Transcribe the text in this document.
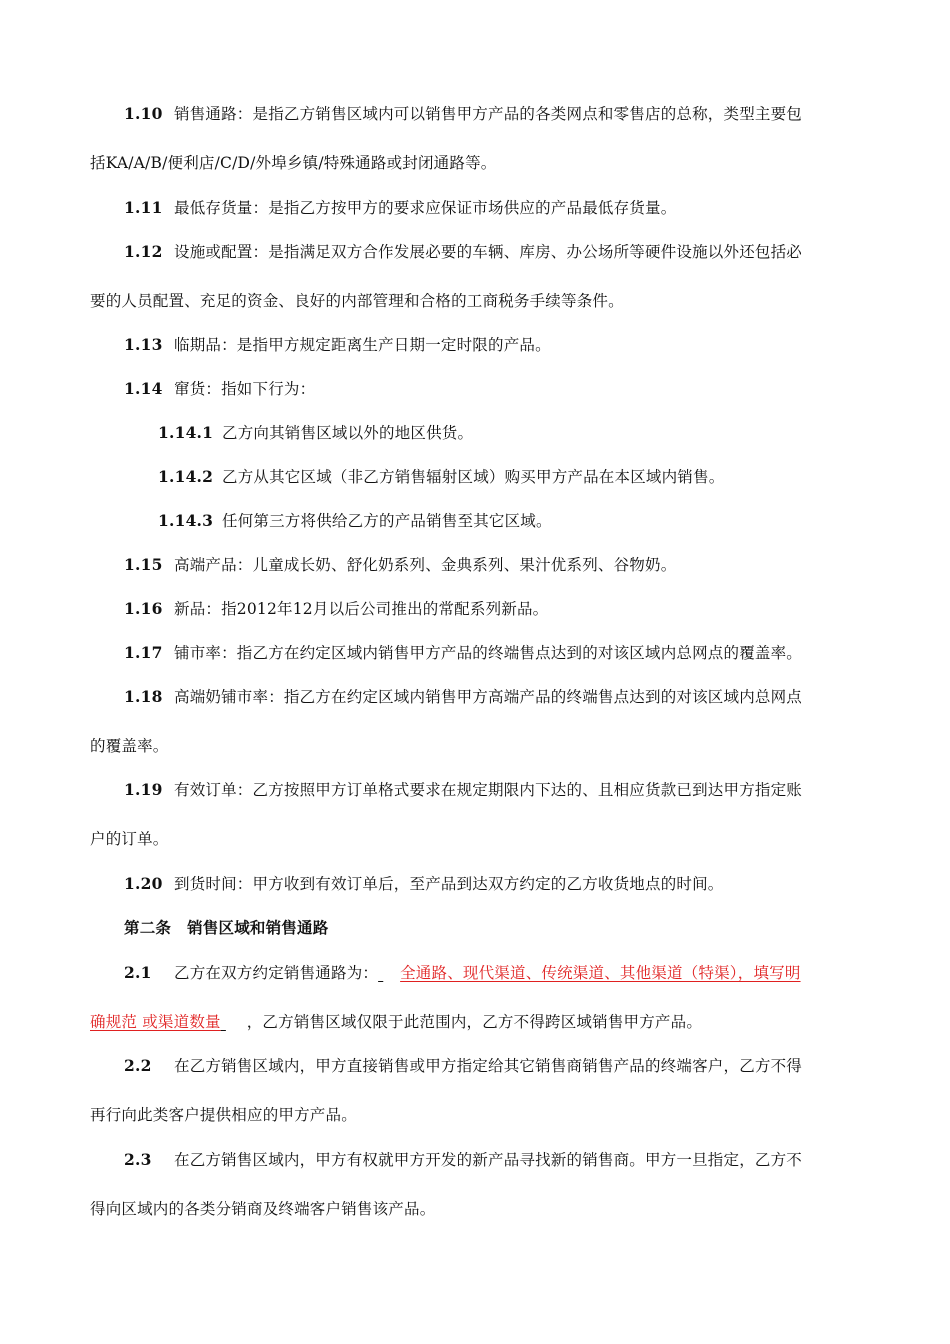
1.10 销售通路：是指乙方销售区域内可以销售甲方产品的各类网点和零售店的总称，类型主要包
括KA/A/B/便利店/C/D/外埠乡镇/特殊通路或封闭通路等。
1.11 最低存货量：是指乙方按甲方的要求应保证市场供应的产品最低存货量。
1.12 设施或配置：是指满足双方合作发展必要的车辆、库房、办公场所等硬件设施以外还包括必
要的人员配置、充足的资金、良好的内部管理和合格的工商税务手续等条件。
1.13 临期品：是指甲方规定距离生产日期一定时限的产品。
1.14 窜货：指如下行为：
1.14.1 乙方向其销售区域以外的地区供货。
1.14.2 乙方从其它区域（非乙方销售辐射区域）购买甲方产品在本区域内销售。
1.14.3 任何第三方将供给乙方的产品销售至其它区域。
1.15 高端产品：儿童成长奶、舒化奶系列、金典系列、果汁优系列、谷物奶。
1.16 新品：指2012年12月以后公司推出的常配系列新品。
1.17 铺市率：指乙方在约定区域内销售甲方产品的终端售点达到的对该区域内总网点的覆盖率。
1.18 高端奶铺市率：指乙方在约定区域内销售甲方高端产品的终端售点达到的对该区域内总网点
的覆盖率。
1.19 有效订单：乙方按照甲方订单格式要求在规定期限内下达的、且相应货款已到达甲方指定账
户的订单。
1.20 到货时间：甲方收到有效订单后，至产品到达双方约定的乙方收货地点的时间。
第二条 销售区域和销售通路
2.1 乙方在双方约定销售通路为： 全通路、现代渠道、传统渠道、其他渠道（特渠），填写明
确规范 或渠道数量 ，乙方销售区域仅限于此范围内，乙方不得跨区域销售甲方产品。
2.2 在乙方销售区域内，甲方直接销售或甲方指定给其它销售商销售产品的终端客户，乙方不得
再行向此类客户提供相应的甲方产品。
2.3 在乙方销售区域内，甲方有权就甲方开发的新产品寻找新的销售商。甲方一旦指定，乙方不
得向区域内的各类分销商及终端客户销售该产品。
